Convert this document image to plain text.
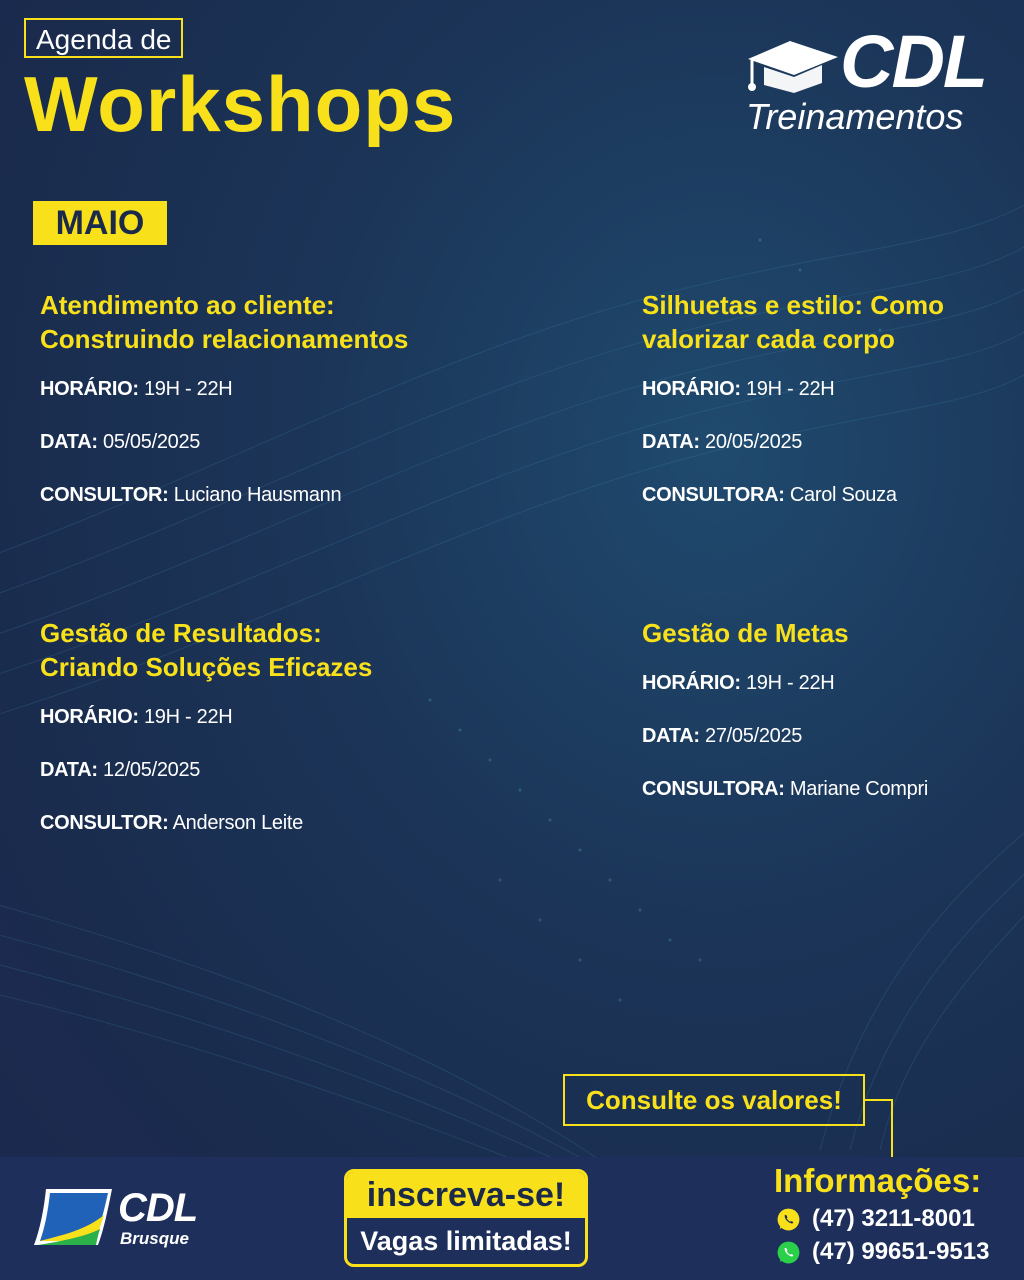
Agenda de
Workshops	CDL
Treinamentos
MAIO
Atendimento ao cliente:
Construindo relacionamentos
HORÁRIO: 19H - 22H
DATA: 05/05/2025
CONSULTOR: Luciano Hausmann
Silhuetas e estilo: Como
valorizar cada corpo
HORÁRIO: 19H - 22H
DATA: 20/05/2025
CONSULTORA: Carol Souza
Gestão de Resultados:
Criando Soluções Eficazes
HORÁRIO: 19H - 22H
DATA: 12/05/2025
CONSULTOR: Anderson Leite
Gestão de Metas
HORÁRIO: 19H - 22H
DATA: 27/05/2025
CONSULTORA: Mariane Compri
Consulte os valores!
CDL
Brusque
inscreva-se!
Vagas limitadas!
Informações:
(47) 3211-8001
(47) 99651-9513
